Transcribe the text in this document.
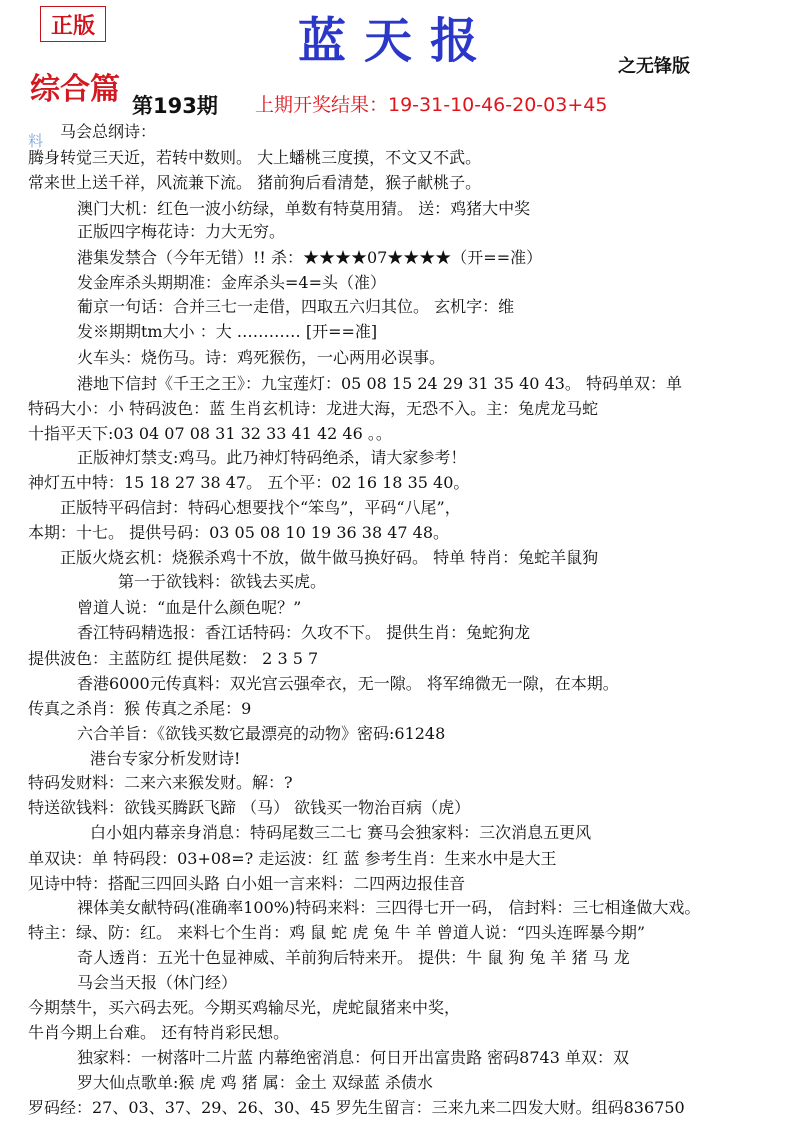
正版	蓝天报	之无锋版
综合篇 第193期 上期开奖结果：19-31-10-46-20-03+45
料 马会总纲诗：
腾身转觉三天近，若转中数则。 大上蟠桃三度摸，不文又不武。
常来世上送千祥，风流兼下流。 猪前狗后看清楚，猴子献桃子。
澳门大机：红色一波小纺绿，单数有特莫用猜。 送：鸡猪大中奖
正版四字梅花诗：力大无穷。
港集发禁合（今年无错）!! 杀：★★★★07★★★★（开==准）
发金库杀头期期准：金库杀头=4=头（准）
葡京一句话：合并三七一走借，四取五六归其位。 玄机字：维
发※期期tm大小 ：大 ………… [开==准]
火车头：烧伤马。诗：鸡死猴伤，一心两用必误事。
港地下信封《千王之王》：九宝莲灯：05 08 15 24 29 31 35 40 43。 特码单双：单
特码大小：小 特码波色：蓝 生肖玄机诗：龙进大海，无恐不入。主：兔虎龙马蛇
十指平天下:03 04 07 08 31 32 33 41 42 46 。。
正版神灯禁支:鸡马。此乃神灯特码绝杀，请大家参考！
神灯五中特：15 18 27 38 47。 五个平：02 16 18 35 40。
正版特平码信封：特码心想要找个“笨鸟”，平码“八尾”，
本期：十七。 提供号码：03 05 08 10 19 36 38 47 48。
正版火烧玄机：烧猴杀鸡十不放，做牛做马换好码。 特单 特肖：兔蛇羊鼠狗
第一于欲钱料：欲钱去买虎。
曾道人说：“血是什么颜色呢？”
香江特码精选报：香江话特码：久攻不下。 提供生肖：兔蛇狗龙
提供波色：主蓝防红 提供尾数： 2 3 5 7
香港6000元传真料：双光宫云强牵衣，无一隙。 将军绵微无一隙，在本期。
传真之杀肖：猴 传真之杀尾：9
六合羊旨：《欲钱买数它最漂亮的动物》密码:61248
港台专家分析发财诗!
特码发财料：二来六来猴发财。解：?
特送欲钱料：欲钱买腾跃飞蹄 （马） 欲钱买一物治百病（虎）
白小姐内幕亲身消息：特码尾数三二七 赛马会独家料：三次消息五更风
单双诀：单 特码段：03+08=? 走运波：红 蓝 参考生肖：生来水中是大王
见诗中特：搭配三四回头路 白小姐一言来料：二四两边报佳音
裸体美女献特码(准确率100%)特码来料：三四得七开一码， 信封料：三七相逢做大戏。
特主：绿、防：红。 来料七个生肖：鸡 鼠 蛇 虎 兔 牛 羊 曾道人说：“四头连晖暴今期”
奇人透肖：五光十色显神威、羊前狗后特来开。 提供：牛 鼠 狗 兔 羊 猪 马 龙
马会当天报（休门经）
今期禁牛，买六码去死。今期买鸡输尽光，虎蛇鼠猪来中奖，
牛肖今期上台难。 还有特肖彩民想。
独家料：一树落叶二片蓝 内幕绝密消息：何日开出富贵路 密码8743 单双：双
罗大仙点歌单:猴 虎 鸡 猪 属：金土 双绿蓝 杀债水
罗码经：27、03、37、29、26、30、45 罗先生留言：三来九来二四发大财。组码836750
